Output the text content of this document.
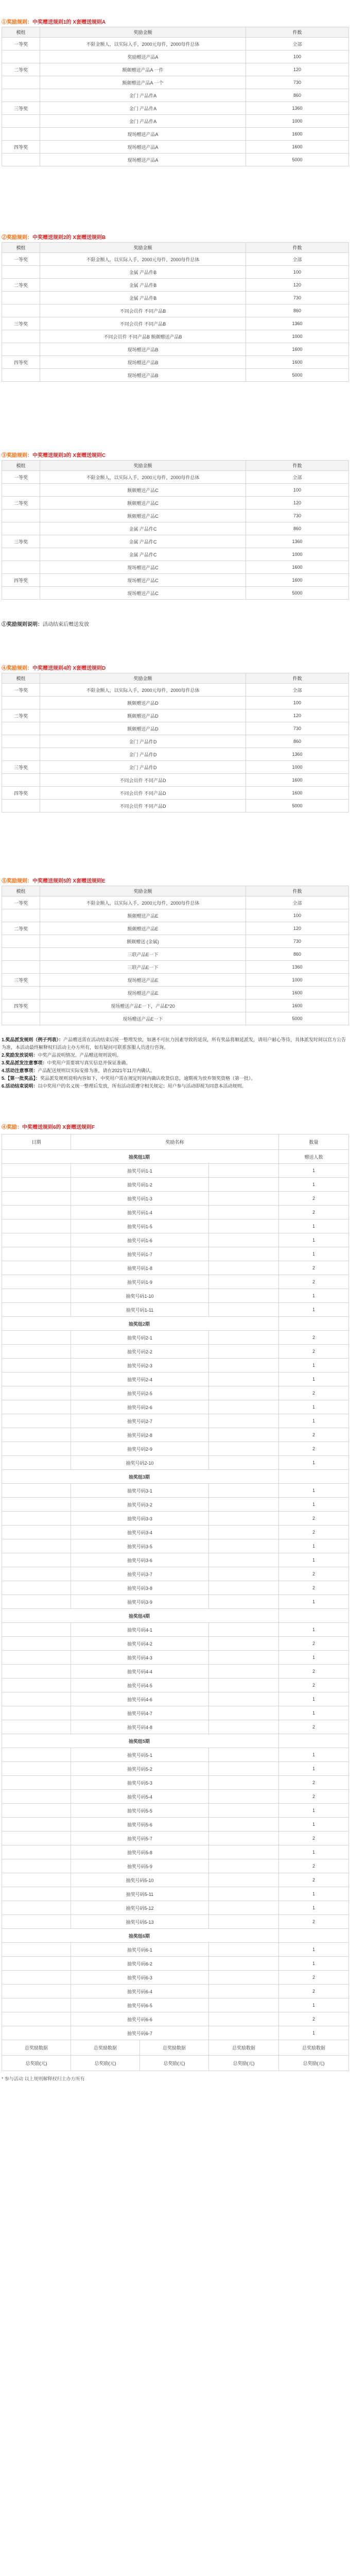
①奖励规则：中奖赠送规则1的 X套赠送规则A
模组	奖励金额	件数
一等奖	不限金额人，以实际入手，2000元每件，2000每件总体	全部
	奖励赠送产品A	100
二等奖	额颇赠送产品A 一件	120
	额颇赠送产品A 一个	730
	金门 产品件A	860
三等奖	金门 产品件A	1360
	金门 产品件A	1000
	现场赠送产品A	1600
四等奖	现场赠送产品A	1600
	现场赠送产品A	5000
②奖励规则：中奖赠送规则2的 X套赠送规则B
模组	奖励金额	件数
一等奖	不限金额人，以实际入手，2000元每件，2000每件总体	全部
	金属 产品件B	100
二等奖	金属 产品件B	120
	金属 产品件B	730
	不同会员件 不同产品B	860
三等奖	不同会员件 不同产品B	1360
	不同会员件 不同产品B 额颇赠送产品B	1000
	现场赠送产品B	1600
四等奖	现场赠送产品B	1600
	现场赠送产品B	5000
③奖励规则：中奖赠送规则3的 X套赠送规则C
模组	奖励金额	件数
一等奖	不限金额人，以实际入手，2000元每件，2000每件总体	全部
	额颇赠送产品C	100
二等奖	额颇赠送产品C	120
	额颇赠送产品C	730
	金属 产品件C	860
三等奖	金属 产品件C	1360
	金属 产品件C	1000
	现场赠送产品C	1600
四等奖	现场赠送产品C	1600
	现场赠送产品C	5000
①奖励规则说明：活动结束后赠送发放
④奖励规则：中奖赠送规则4的 X套赠送规则D
模组	奖励金额	件数
一等奖	不限金额人，以实际入手，2000元每件，2000每件总体	全部
	额颇赠送产品D	100
二等奖	额颇赠送产品D	120
	额颇赠送产品D	730
	金门 产品件D	860
	金门 产品件D	1360
三等奖	金门 产品件D	1000
	不同会员件 不同产品D	1600
四等奖	不同会员件 不同产品D	1600
	不同会员件 不同产品D	5000
⑤奖励规则：中奖赠送规则5的 X套赠送规则E
模组	奖励金额	件数
一等奖	不限金额人，以实际入手，2000元每件，2000每件总体	全部
	额颇赠送产品E	100
二等奖	额颇赠送产品E	120
	额颇赠送 (金属)	730
	三联产品E一下	860
	三联产品E一下	1360
三等奖	现场赠送产品E	1000
	现场赠送产品E	1600
四等奖	现场赠送产品E一下，产品E*20	1600
	现场赠送产品E一下	5000

1.奖品派发规则（例子列表）：产品赠送需在活动结束后统一整理发放，如遇不可抗力因素导致的延误，所有奖品将顺延派发，请用户耐心等待，具体派发时间以官方公告为准，本活动最终解释权归活动主办方所有，如有疑问可联系客服人员进行咨询。

2.奖励发放说明：中奖产品说明情况。产品赠送规则说明。

3.奖品派发注意事项：中奖用户需要填写真实信息并保证准确。

4.活动注意事项：产品配送规则以实际安排为准，请在2021年11月内确认。

5.【第一批奖品】：奖品派发规则说明内容如下，中奖用户需在规定时间内确认收货信息，逾期视为放弃领奖资格（第一批）。

6.活动结束说明：以中奖用户的名义统一整理后发放，所有活动需遵守相关规定；用户参与活动即视为同意本活动规则。

④奖励：中奖赠送规则6的 X套赠送规则F
日期	奖励名称			数量
抽奖组1期				赠送人数
	抽奖号码1-1			1
	抽奖号码1-2			1
	抽奖号码1-3			2
	抽奖号码1-4			2
	抽奖号码1-5			1
	抽奖号码1-6			1
	抽奖号码1-7			1
	抽奖号码1-8			2
	抽奖号码1-9			2
	抽奖号码1-10			1
	抽奖号码1-11			1
抽奖组2期				
	抽奖号码2-1			2
	抽奖号码2-2			2
	抽奖号码2-3			1
	抽奖号码2-4			1
	抽奖号码2-5			2
	抽奖号码2-6			1
	抽奖号码2-7			1
	抽奖号码2-8			2
	抽奖号码2-9			2
	抽奖号码2-10			1
抽奖组3期				
	抽奖号码3-1			1
	抽奖号码3-2			1
	抽奖号码3-3			2
	抽奖号码3-4			2
	抽奖号码3-5			1
	抽奖号码3-6			1
	抽奖号码3-7			2
	抽奖号码3-8			2
	抽奖号码3-9			1
抽奖组4期				
	抽奖号码4-1			1
	抽奖号码4-2			2
	抽奖号码4-3			1
	抽奖号码4-4			2
	抽奖号码4-5			2
	抽奖号码4-6			1
	抽奖号码4-7			1
	抽奖号码4-8			2
抽奖组5期				
	抽奖号码5-1			1
	抽奖号码5-2			1
	抽奖号码5-3			2
	抽奖号码5-4			2
	抽奖号码5-5			1
	抽奖号码5-6			1
	抽奖号码5-7			2
	抽奖号码5-8			1
	抽奖号码5-9			2
	抽奖号码5-10			2
	抽奖号码5-11			1
	抽奖号码5-12			1
	抽奖号码5-13			2
抽奖组6期				
	抽奖号码6-1			1
	抽奖号码6-2			1
	抽奖号码6-3			2
	抽奖号码6-4			2
	抽奖号码6-5			1
	抽奖号码6-6			2
	抽奖号码6-7			1
总奖励数据	总奖励数据	总奖励数据	总奖励数据	总奖励数据
总奖励(元)	总奖励(元)	总奖励(元)	总奖励(元)	总奖励(元)
* 参与活动 以上规则解释权归主办方所有
